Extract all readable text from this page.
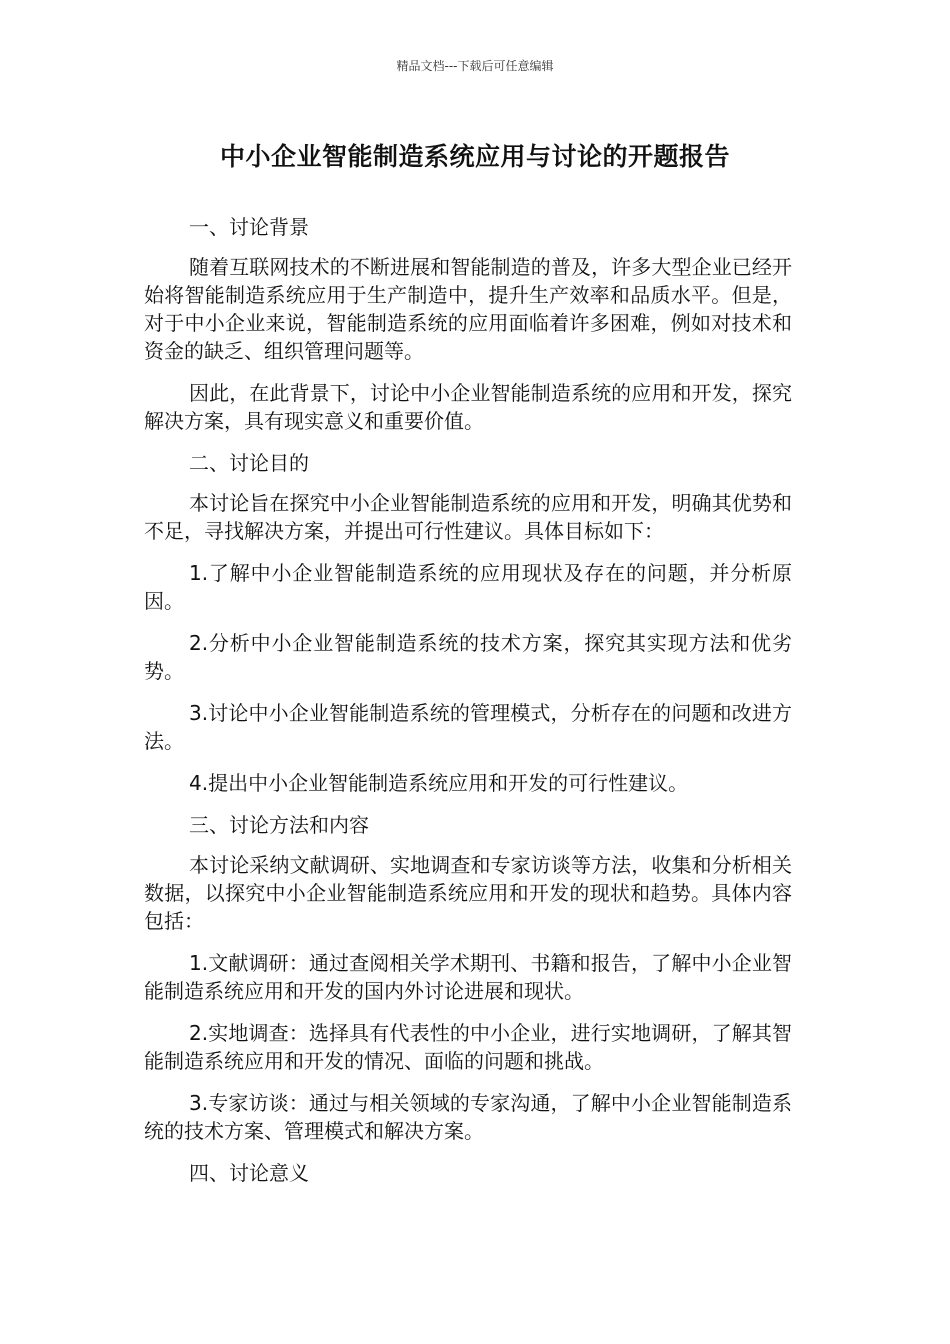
精品文档---下载后可任意编辑
中小企业智能制造系统应用与讨论的开题报告

一、讨论背景

随着互联网技术的不断进展和智能制造的普及，许多大型企业已经开始将智能制造系统应用于生产制造中，提升生产效率和品质水平。但是，对于中小企业来说，智能制造系统的应用面临着许多困难，例如对技术和资金的缺乏、组织管理问题等。

因此，在此背景下，讨论中小企业智能制造系统的应用和开发，探究解决方案，具有现实意义和重要价值。

二、讨论目的

本讨论旨在探究中小企业智能制造系统的应用和开发，明确其优势和不足，寻找解决方案，并提出可行性建议。具体目标如下：

1.了解中小企业智能制造系统的应用现状及存在的问题，并分析原因。

2.分析中小企业智能制造系统的技术方案，探究其实现方法和优劣势。

3.讨论中小企业智能制造系统的管理模式，分析存在的问题和改进方法。

4.提出中小企业智能制造系统应用和开发的可行性建议。

三、讨论方法和内容

本讨论采纳文献调研、实地调查和专家访谈等方法，收集和分析相关数据，以探究中小企业智能制造系统应用和开发的现状和趋势。具体内容包括：

1.文献调研：通过查阅相关学术期刊、书籍和报告，了解中小企业智能制造系统应用和开发的国内外讨论进展和现状。

2.实地调查：选择具有代表性的中小企业，进行实地调研，了解其智能制造系统应用和开发的情况、面临的问题和挑战。

3.专家访谈：通过与相关领域的专家沟通，了解中小企业智能制造系统的技术方案、管理模式和解决方案。

四、讨论意义
